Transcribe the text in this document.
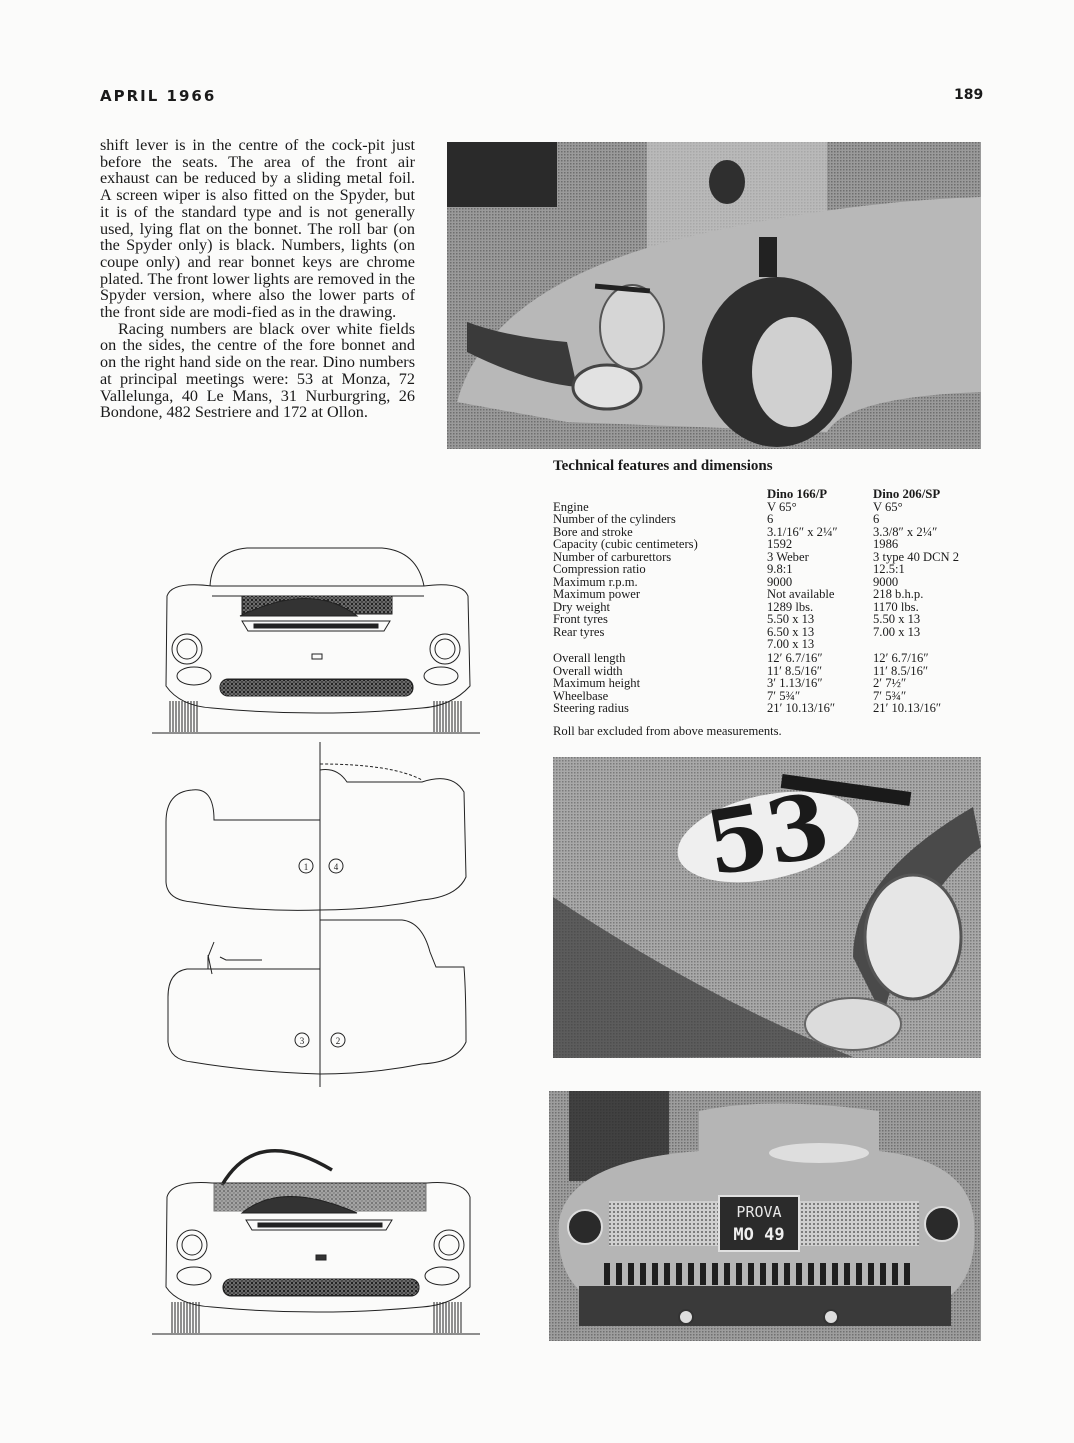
APRIL 1966	189

shift lever is in the centre of the cock-pit just before the seats. The area of the front air exhaust can be reduced by a sliding metal foil. A screen wiper is also fitted on the Spyder, but it is of the standard type and is not generally used, lying flat on the bonnet. The roll bar (on the Spyder only) is black. Numbers, lights (on coupe only) and rear bonnet keys are chrome plated. The front lower lights are removed in the Spyder version, where also the lower parts of the front side are modi-fied as in the drawing.

Racing numbers are black over white fields on the sides, the centre of the fore bonnet and on the right hand side on the rear. Dino numbers at principal meetings were: 53 at Monza, 72 Vallelunga, 40 Le Mans, 31 Nurburgring, 26 Bondone, 482 Sestriere and 172 at Ollon.

Technical features and dimensions
	Dino 166/P	Dino 206/SP
Engine	V 65°	V 65°
Number of the cylinders	6	6
Bore and stroke	3.1/16″ x 2¼″	3.3/8″ x 2¼″
Capacity (cubic centimeters)	1592	1986
Number of carburettors	3 Weber	3 type 40 DCN 2
Compression ratio	9.8:1	12.5:1
Maximum r.p.m.	9000	9000
Maximum power	Not available	218 b.h.p.
Dry weight	1289 lbs.	1170 lbs.
Front tyres	5.50 x 13	5.50 x 13
Rear tyres	6.50 x 13	7.00 x 13
	7.00 x 13	
Overall length	12′ 6.7/16″	12′ 6.7/16″
Overall width	11′ 8.5/16″	11′ 8.5/16″
Maximum height	3′ 1.13/16″	2′ 7½″
Wheelbase	7′ 5¾″	7′ 5¾″
Steering radius	21′ 10.13/16″	21′ 10.13/16″
Roll bar excluded from above measurements.
53
PROVA
MO 49
1	4
3	2
